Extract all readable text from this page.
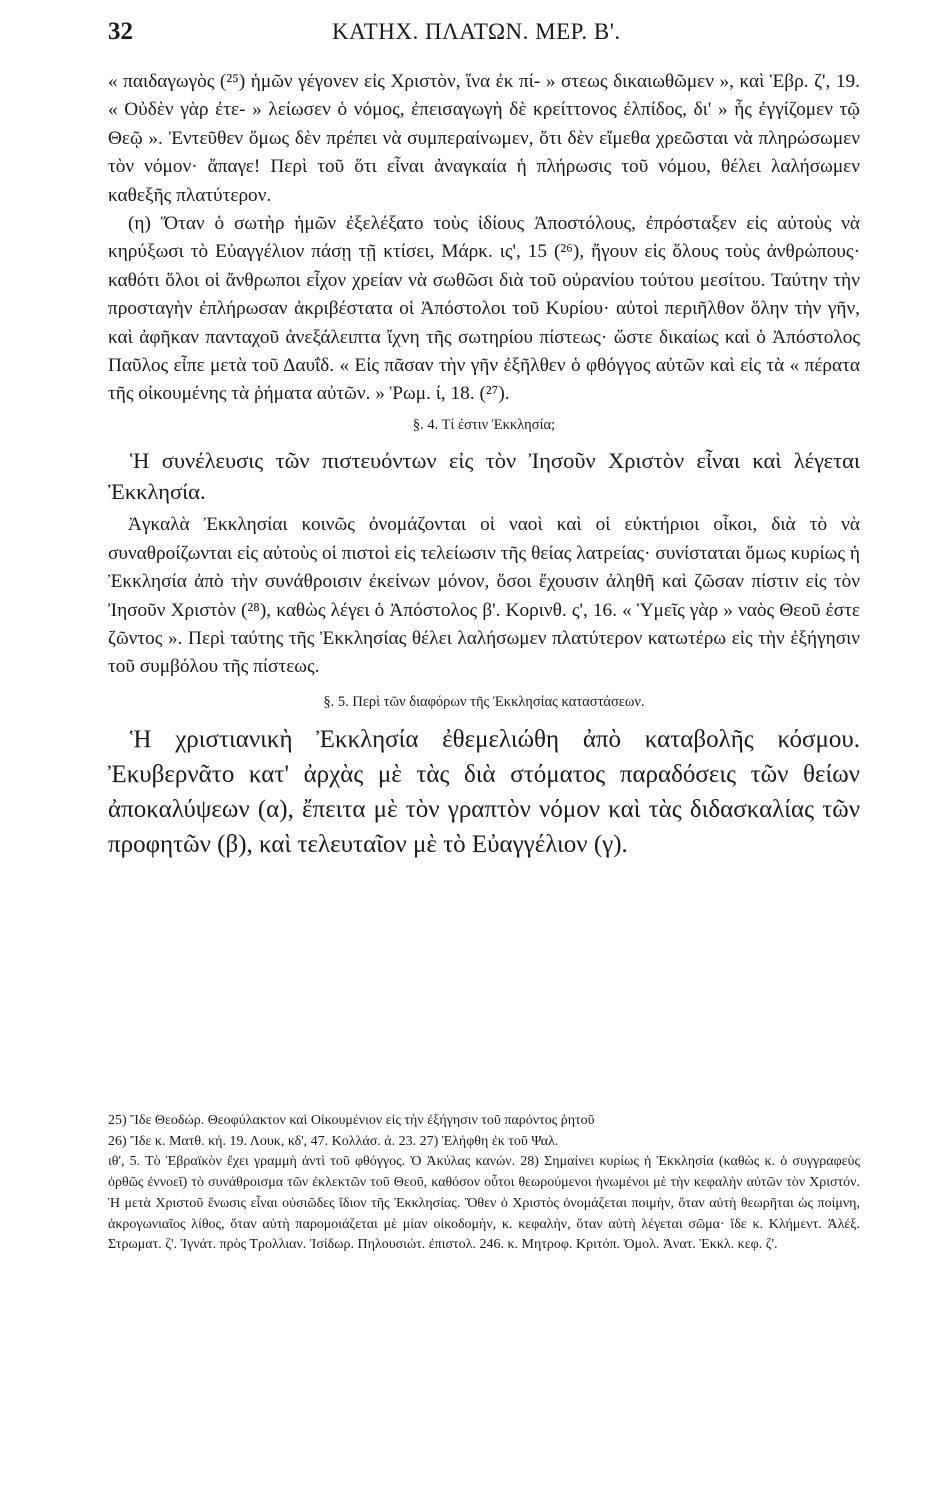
32	ΚΑΤΗΧ. ΠΛΑΤΩΝ. ΜΕΡ. Β'.

« παιδαγωγὸς (²⁵) ἡμῶν γέγονεν εἰς Χριστὸν, ἵνα ἐκ πί- » στεως δικαιωθῶμεν », καὶ Ἑβρ. ζ', 19. « Οὐδὲν γὰρ ἐτε- » λείωσεν ὁ νόμος, ἐπεισαγωγὴ δὲ κρείττονος ἐλπίδος, δι' » ἧς ἐγγίζομεν τῷ Θεῷ ». Ἐντεῦθεν ὅμως δὲν πρέπει νὰ συμπεραίνωμεν, ὅτι δὲν εἴμεθα χρεῶσται νὰ πληρώσωμεν τὸν νόμον· ἄπαγε! Περὶ τοῦ ὅτι εἶναι ἀναγκαία ἡ πλήρωσις τοῦ νόμου, θέλει λαλήσωμεν καθεξῆς πλατύτερον.

(η) Ὅταν ὁ σωτὴρ ἡμῶν ἐξελέξατο τοὺς ἰδίους Ἀποστόλους, ἐπρόσταξεν εἰς αὐτοὺς νὰ κηρύξωσι τὸ Εὐαγγέλιον πάσῃ τῇ κτίσει, Μάρκ. ις', 15 (²⁶), ἤγουν εἰς ὅλους τοὺς ἀνθρώπους· καθότι ὅλοι οἱ ἄνθρωποι εἶχον χρείαν νὰ σωθῶσι διὰ τοῦ οὐρανίου τούτου μεσίτου. Ταύτην τὴν προσταγὴν ἐπλήρωσαν ἀκριβέστατα οἱ Ἀπόστολοι τοῦ Κυρίου· αὐτοὶ περιῆλθον ὅλην τὴν γῆν, καὶ ἀφῆκαν πανταχοῦ ἀνεξάλειπτα ἴχνη τῆς σωτηρίου πίστεως· ὥστε δικαίως καὶ ὁ Ἀπόστολος Παῦλος εἶπε μετὰ τοῦ Δαυΐδ. « Εἰς πᾶσαν τὴν γῆν ἐξῆλθεν ὁ φθόγγος αὐτῶν καὶ εἰς τὰ « πέρατα τῆς οἰκουμένης τὰ ῥήματα αὐτῶν. » Ῥωμ. ί, 18. (²⁷).

§. 4. Τί ἐστιν Ἐκκλησία;
Ἡ συνέλευσις τῶν πιστευόντων εἰς τὸν Ἰησοῦν Χριστὸν εἶναι καὶ λέγεται Ἐκκλησία.

Ἀγκαλὰ Ἐκκλησίαι κοινῶς ὀνομάζονται οἱ ναοὶ καὶ οἱ εὐκτήριοι οἶκοι, διὰ τὸ νὰ συναθροίζωνται εἰς αὐτοὺς οἱ πιστοὶ εἰς τελείωσιν τῆς θείας λατρείας· συνίσταται ὅμως κυρίως ἡ Ἐκκλησία ἀπὸ τὴν συνάθροισιν ἐκείνων μόνον, ὅσοι ἔχουσιν ἀληθῆ καὶ ζῶσαν πίστιν εἰς τὸν Ἰησοῦν Χριστὸν (²⁸), καθὼς λέγει ὁ Ἀπόστολος β'. Κορινθ. ς', 16. « Ὑμεῖς γὰρ » ναὸς Θεοῦ ἐστε ζῶντος ». Περὶ ταύτης τῆς Ἐκκλησίας θέλει λαλήσωμεν πλατύτερον κατωτέρω εἰς τὴν ἐξήγησιν τοῦ συμβόλου τῆς πίστεως.

§. 5. Περὶ τῶν διαφόρων τῆς Ἐκκλησίας καταστάσεων.
Ἡ χριστιανικὴ Ἐκκλησία ἐθεμελιώθη ἀπὸ καταβολῆς κόσμου. Ἐκυβερνᾶτο κατ' ἀρχὰς μὲ τὰς διὰ στόματος παραδόσεις τῶν θείων ἀποκαλύψεων (α), ἔπειτα μὲ τὸν γραπτὸν νόμον καὶ τὰς διδασκαλίας τῶν προφητῶν (β), καὶ τελευταῖον μὲ τὸ Εὐαγγέλιον (γ).

25) Ἴδε Θεοδώρ. Θεοφύλακτον καὶ Οἰκουμένιον εἰς τὴν ἐξήγησιν τοῦ παρόντος ῥητοῦ

26) Ἴδε κ. Ματθ. κή. 19. Λουκ, κδ', 47. Κολλάσ. ά. 23. 27) Ἐλήφθη ἐκ τοῦ Ψαλ.

ιθ', 5. Τὸ Ἑβραϊκὸν ἔχει γραμμὴ ἀντὶ τοῦ φθόγγος. Ὁ Ἀκύλας κανών. 28) Σημαίνει κυρίως ἡ Ἐκκλησία (καθὼς κ. ὁ συγγραφεὺς ὀρθῶς ἐννοεῖ) τὸ συνάθροισμα τῶν ἐκλεκτῶν τοῦ Θεοῦ, καθόσον οὗτοι θεωρούμενοι ἡνωμένοι μὲ τὴν κεφαλὴν αὐτῶν τὸν Χριστόν. Ἡ μετὰ Χριστοῦ ἕνωσις εἶναι οὐσιῶδες ἴδιον τῆς Ἐκκλησίας. Ὅθεν ὁ Χριστὸς ὀνομάζεται ποιμὴν, ὅταν αὐτὴ θεωρῆται ὡς ποίμνη, ἀκρογωνιαῖος λίθος, ὅταν αὐτὴ παρομοιάζεται μὲ μίαν οἰκοδομὴν, κ. κεφαλὴν, ὅταν αὐτὴ λέγεται σῶμα· ἴδε κ. Κλήμεντ. Ἀλέξ. Στρωματ. ζ'. Ἰγνάτ. πρὸς Τρολλιαν. Ἰσίδωρ. Πηλουσιώτ. ἐπιστολ. 246. κ. Μητροφ. Κριτόπ. Ὁμολ. Ἀνατ. Ἐκκλ. κεφ. ζ'.
